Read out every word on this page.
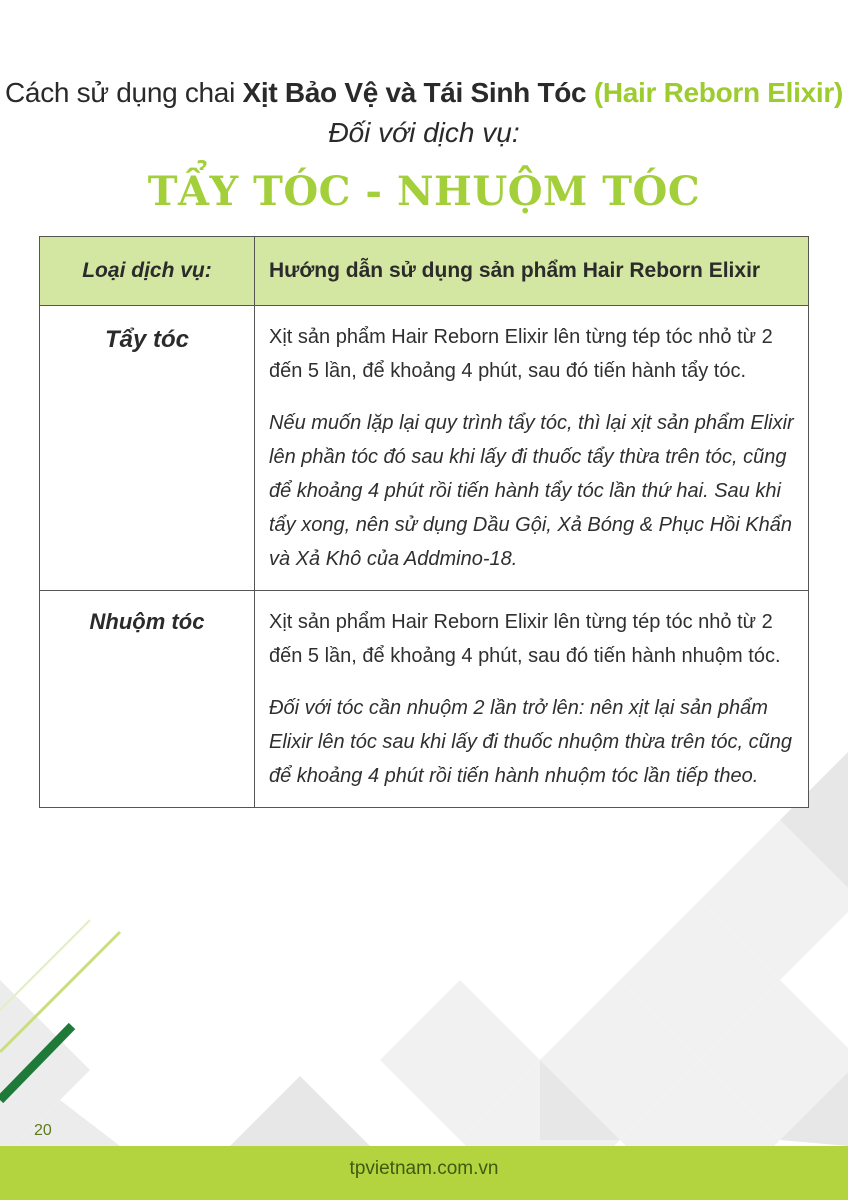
Cách sử dụng chai Xịt Bảo Vệ và Tái Sinh Tóc (Hair Reborn Elixir)
Đối với dịch vụ:
TẨY TÓC - NHUỘM TÓC
Loại dịch vụ:	Hướng dẫn sử dụng sản phẩm Hair Reborn Elixir
Tẩy tóc	Xịt sản phẩm Hair Reborn Elixir lên từng tép tóc nhỏ từ 2 đến 5 lần, để khoảng 4 phút, sau đó tiến hành tẩy tóc.

Nếu muốn lặp lại quy trình tẩy tóc, thì lại xịt sản phẩm Elixir lên phần tóc đó sau khi lấy đi thuốc tẩy thừa trên tóc, cũng để khoảng 4 phút rồi tiến hành tẩy tóc lần thứ hai. Sau khi tẩy xong, nên sử dụng Dầu Gội, Xả Bóng & Phục Hồi Khẩn và Xả Khô của Addmino-18.

Nhuộm tóc	Xịt sản phẩm Hair Reborn Elixir lên từng tép tóc nhỏ từ 2 đến 5 lần, để khoảng 4 phút, sau đó tiến hành nhuộm tóc.

Đối với tóc cần nhuộm 2 lần trở lên: nên xịt lại sản phẩm Elixir lên tóc sau khi lấy đi thuốc nhuộm thừa trên tóc, cũng để khoảng 4 phút rồi tiến hành nhuộm tóc lần tiếp theo.

20
tpvietnam.com.vn
